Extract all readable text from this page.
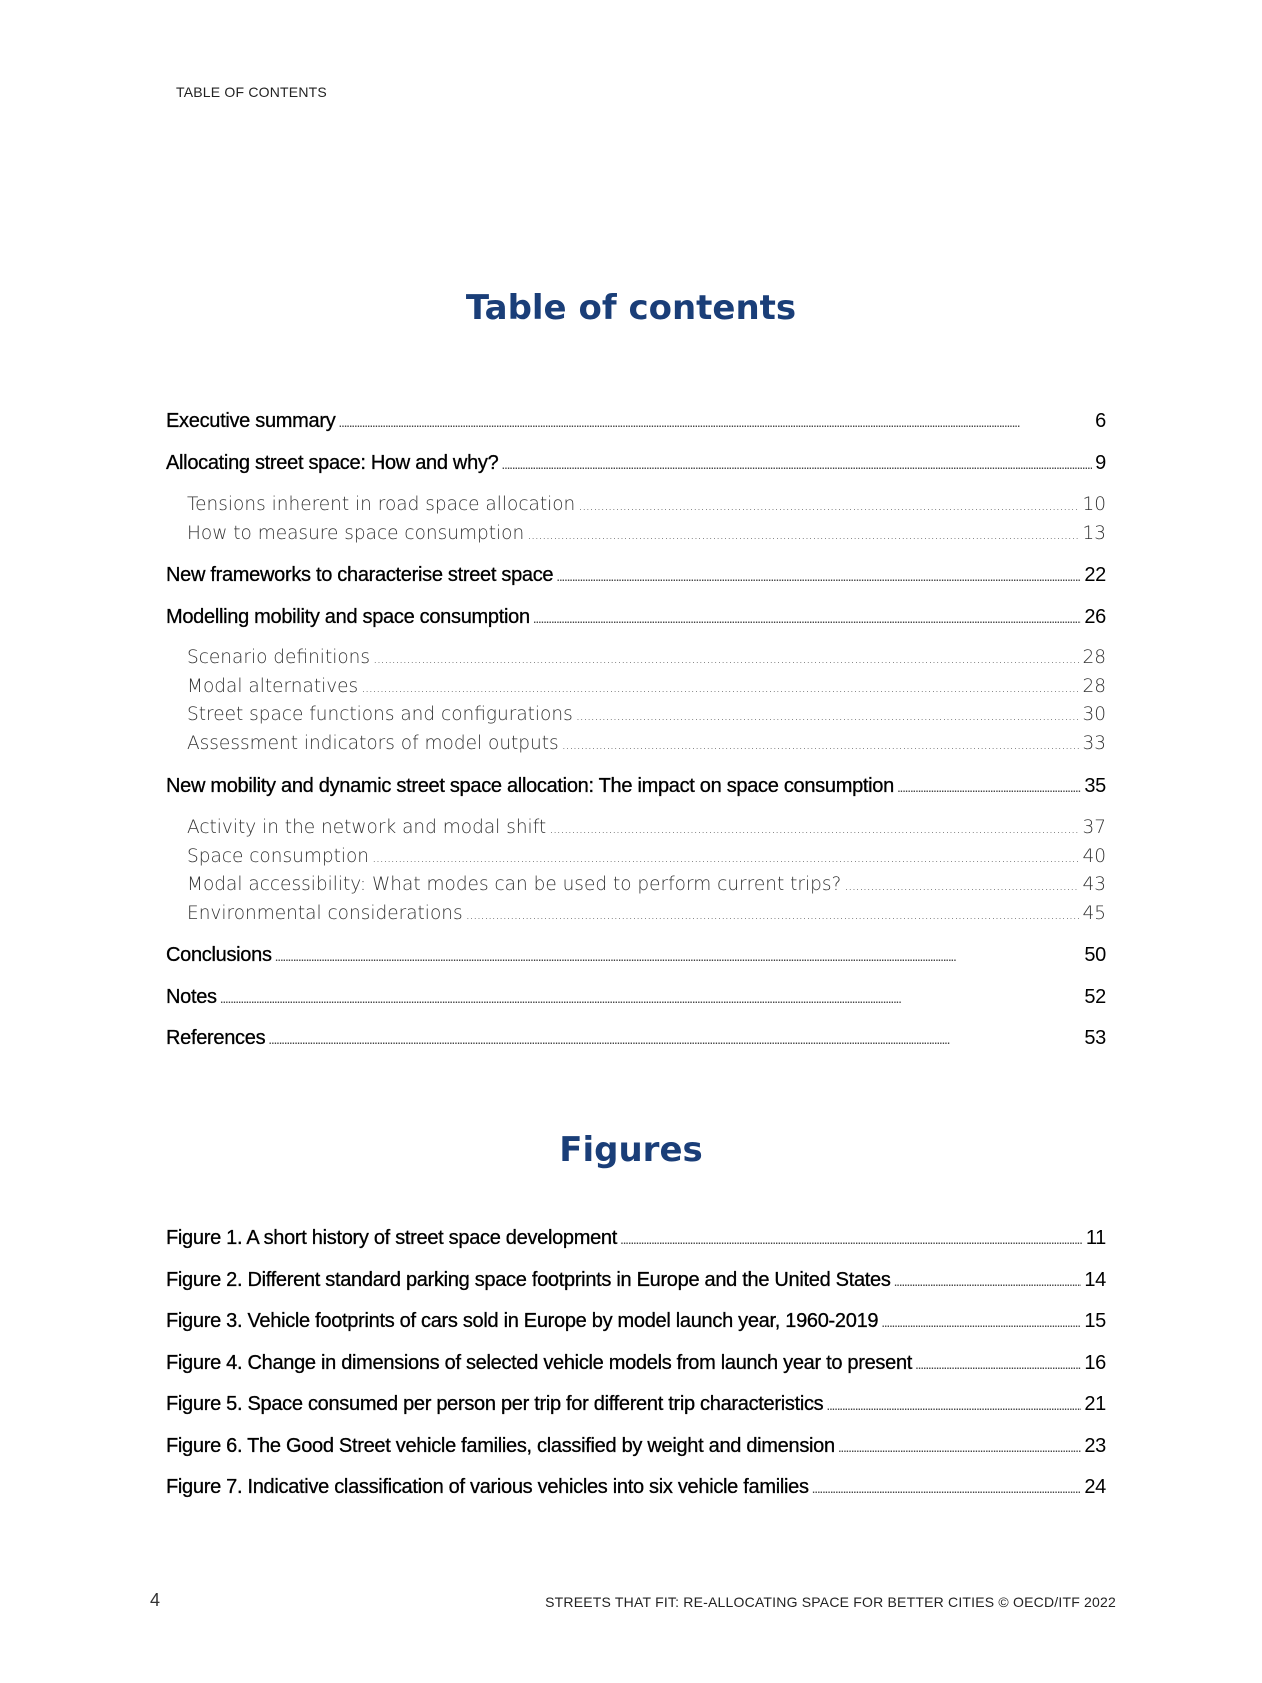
TABLE OF CONTENTS
Table of contents
Executive summary . . .	6
Allocating street space: How and why? . . .	9
Tensions inherent in road space allocation . . .	10
How to measure space consumption . . .	13
New frameworks to characterise street space . . .	22
Modelling mobility and space consumption . . .	26
Scenario definitions . . .	28
Modal alternatives . . .	28
Street space functions and configurations . . .	30
Assessment indicators of model outputs . . .	33
New mobility and dynamic street space allocation: The impact on space consumption . . .	35
Activity in the network and modal shift . . .	37
Space consumption . . .	40
Modal accessibility: What modes can be used to perform current trips? . . .	43
Environmental considerations . . .	45
Conclusions . . .	50
Notes . . .	52
References . . .	53
Figures
Figure 1. A short history of street space development . . .	11
Figure 2. Different standard parking space footprints in Europe and the United States . . .	14
Figure 3. Vehicle footprints of cars sold in Europe by model launch year, 1960-2019 . . .	15
Figure 4. Change in dimensions of selected vehicle models from launch year to present . . .	16
Figure 5. Space consumed per person per trip for different trip characteristics . . .	21
Figure 6. The Good Street vehicle families, classified by weight and dimension . . .	23
Figure 7. Indicative classification of various vehicles into six vehicle families . . .	24
4	STREETS THAT FIT: RE-ALLOCATING SPACE FOR BETTER CITIES © OECD/ITF 2022
